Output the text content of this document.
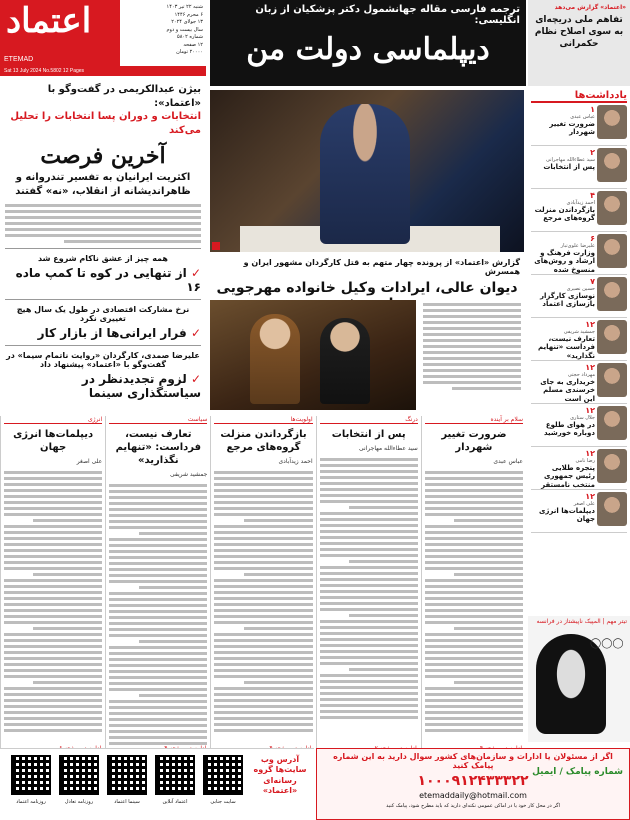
اعتماد
ETEMAD
شنبه ۲۲ تیر ۱۴۰۳
۶ محرم ۱۴۴۶
۱۳ جولای ۲۰۲۴
سال بیست و دوم
شماره ۵۸۰۲
۱۲ صفحه
۲۰۰۰۰ تومان
Sat 13 July 2024 No.5802 12 Pages
ترجمه فارسی مقاله جهانشمول دکتر پزشکیان از زبان انگلیسی:
دیپلماسی دولت من
«اعتماد» گزارش می‌دهد
تفاهم ملی دریچه‌ای به سوی اصلاح نظام حکمرانی
بیژن عبدالکریمی در گفت‌وگو با «اعتماد»:
انتخابات و دوران پسا انتخابات را تحلیل می‌کند
آخرین فرصت
اکثریت ایرانیان به تفسیر تندروانه و ظاهراندیشانه از انقلاب، «نه» گفتند
همه چیز از عشق ناکام شروع شد
✓ از تنهایی در کوه تا کمپ ماده ۱۶
نرخ مشارکت اقتصادی در طول یک سال هیچ تغییری نکرد
✓ فرار ایرانی‌ها از بازار کار
علیرضا صمدی، کارگردان «روایت ناتمام سیما» در گفت‌وگو با «اعتماد» پیشنهاد داد
✓ لزوم تجدیدنظر در سیاستگذاری سینما
گزارش «اعتماد» از پرونده چهار متهم به قتل کارگردان مشهور ایران و همسرش
دیوان عالی، ایرادات وکیل خانواده مهرجویی
یادداشت‌ها
۱
عباس عبدی
ضرورت تغییر شهردار
۲
سید عطاءالله مهاجرانی
پس از انتخابات
۴
احمد زیدآبادی
بازگرداندن منزلت گروه‌های مرجع
۶
علیرضا علوی‌تبار
وزارت فرهنگ و ارشاد و روش‌های منسوخ شده
۷
حسین نصیری
نوسازی کارگزار بازسازی اعتماد
۱۲
جمشید شریفی
تعارف نیست، فرداست «تنهایم نگذارید»
۱۲
مهرداد حجتی
خریداری به جای خرسندی مسلم این است
۱۲
جلال ستاری
در هوای طلوع دوباره خورشید
۱۲
رضا نامی
پنجره طلایی رئیس جمهوری منتخب نامستقر
۱۲
علی اصغر
دیپلمات‌ها انرژی جهان
سلام بر آینده
ضرورت تغییر شهردار
عباس عبدی
درنگ
پس از انتخابات
سید عطاءالله مهاجرانی
اولویت‌ها
بازگرداندن منزلت گروه‌های مرجع
احمد زیدآبادی
سیاست
تعارف نیست، فرداست: «تنهایم نگذارید»
جمشید شریفی
انرژی
دیپلمات‌ها انرژی جهان
علی اصغر
تیتر مهم | المپیک ناپیشتاز در فرانسه
◯◯◯
آدرس وب سایت‌ها گروه رسانه‌ای «اعتماد»
روزنامه اعتماد	روزنامه تعادل	سینما اعتماد	اعتماد آنلاین	سایت جنابی
اگر از مسئولان یا ادارات و سازمان‌های کشور سوال دارید به این شماره پیامک کنید
۱۰۰۰۹۱۲۴۳۳۳۲۲
etemaddaily@hotmail.com
اگر در محل کار خود یا در اماکن عمومی نکته‌ای دارید که باید مطرح شود، پیامک کنید
شماره پیامک / ایمیل
